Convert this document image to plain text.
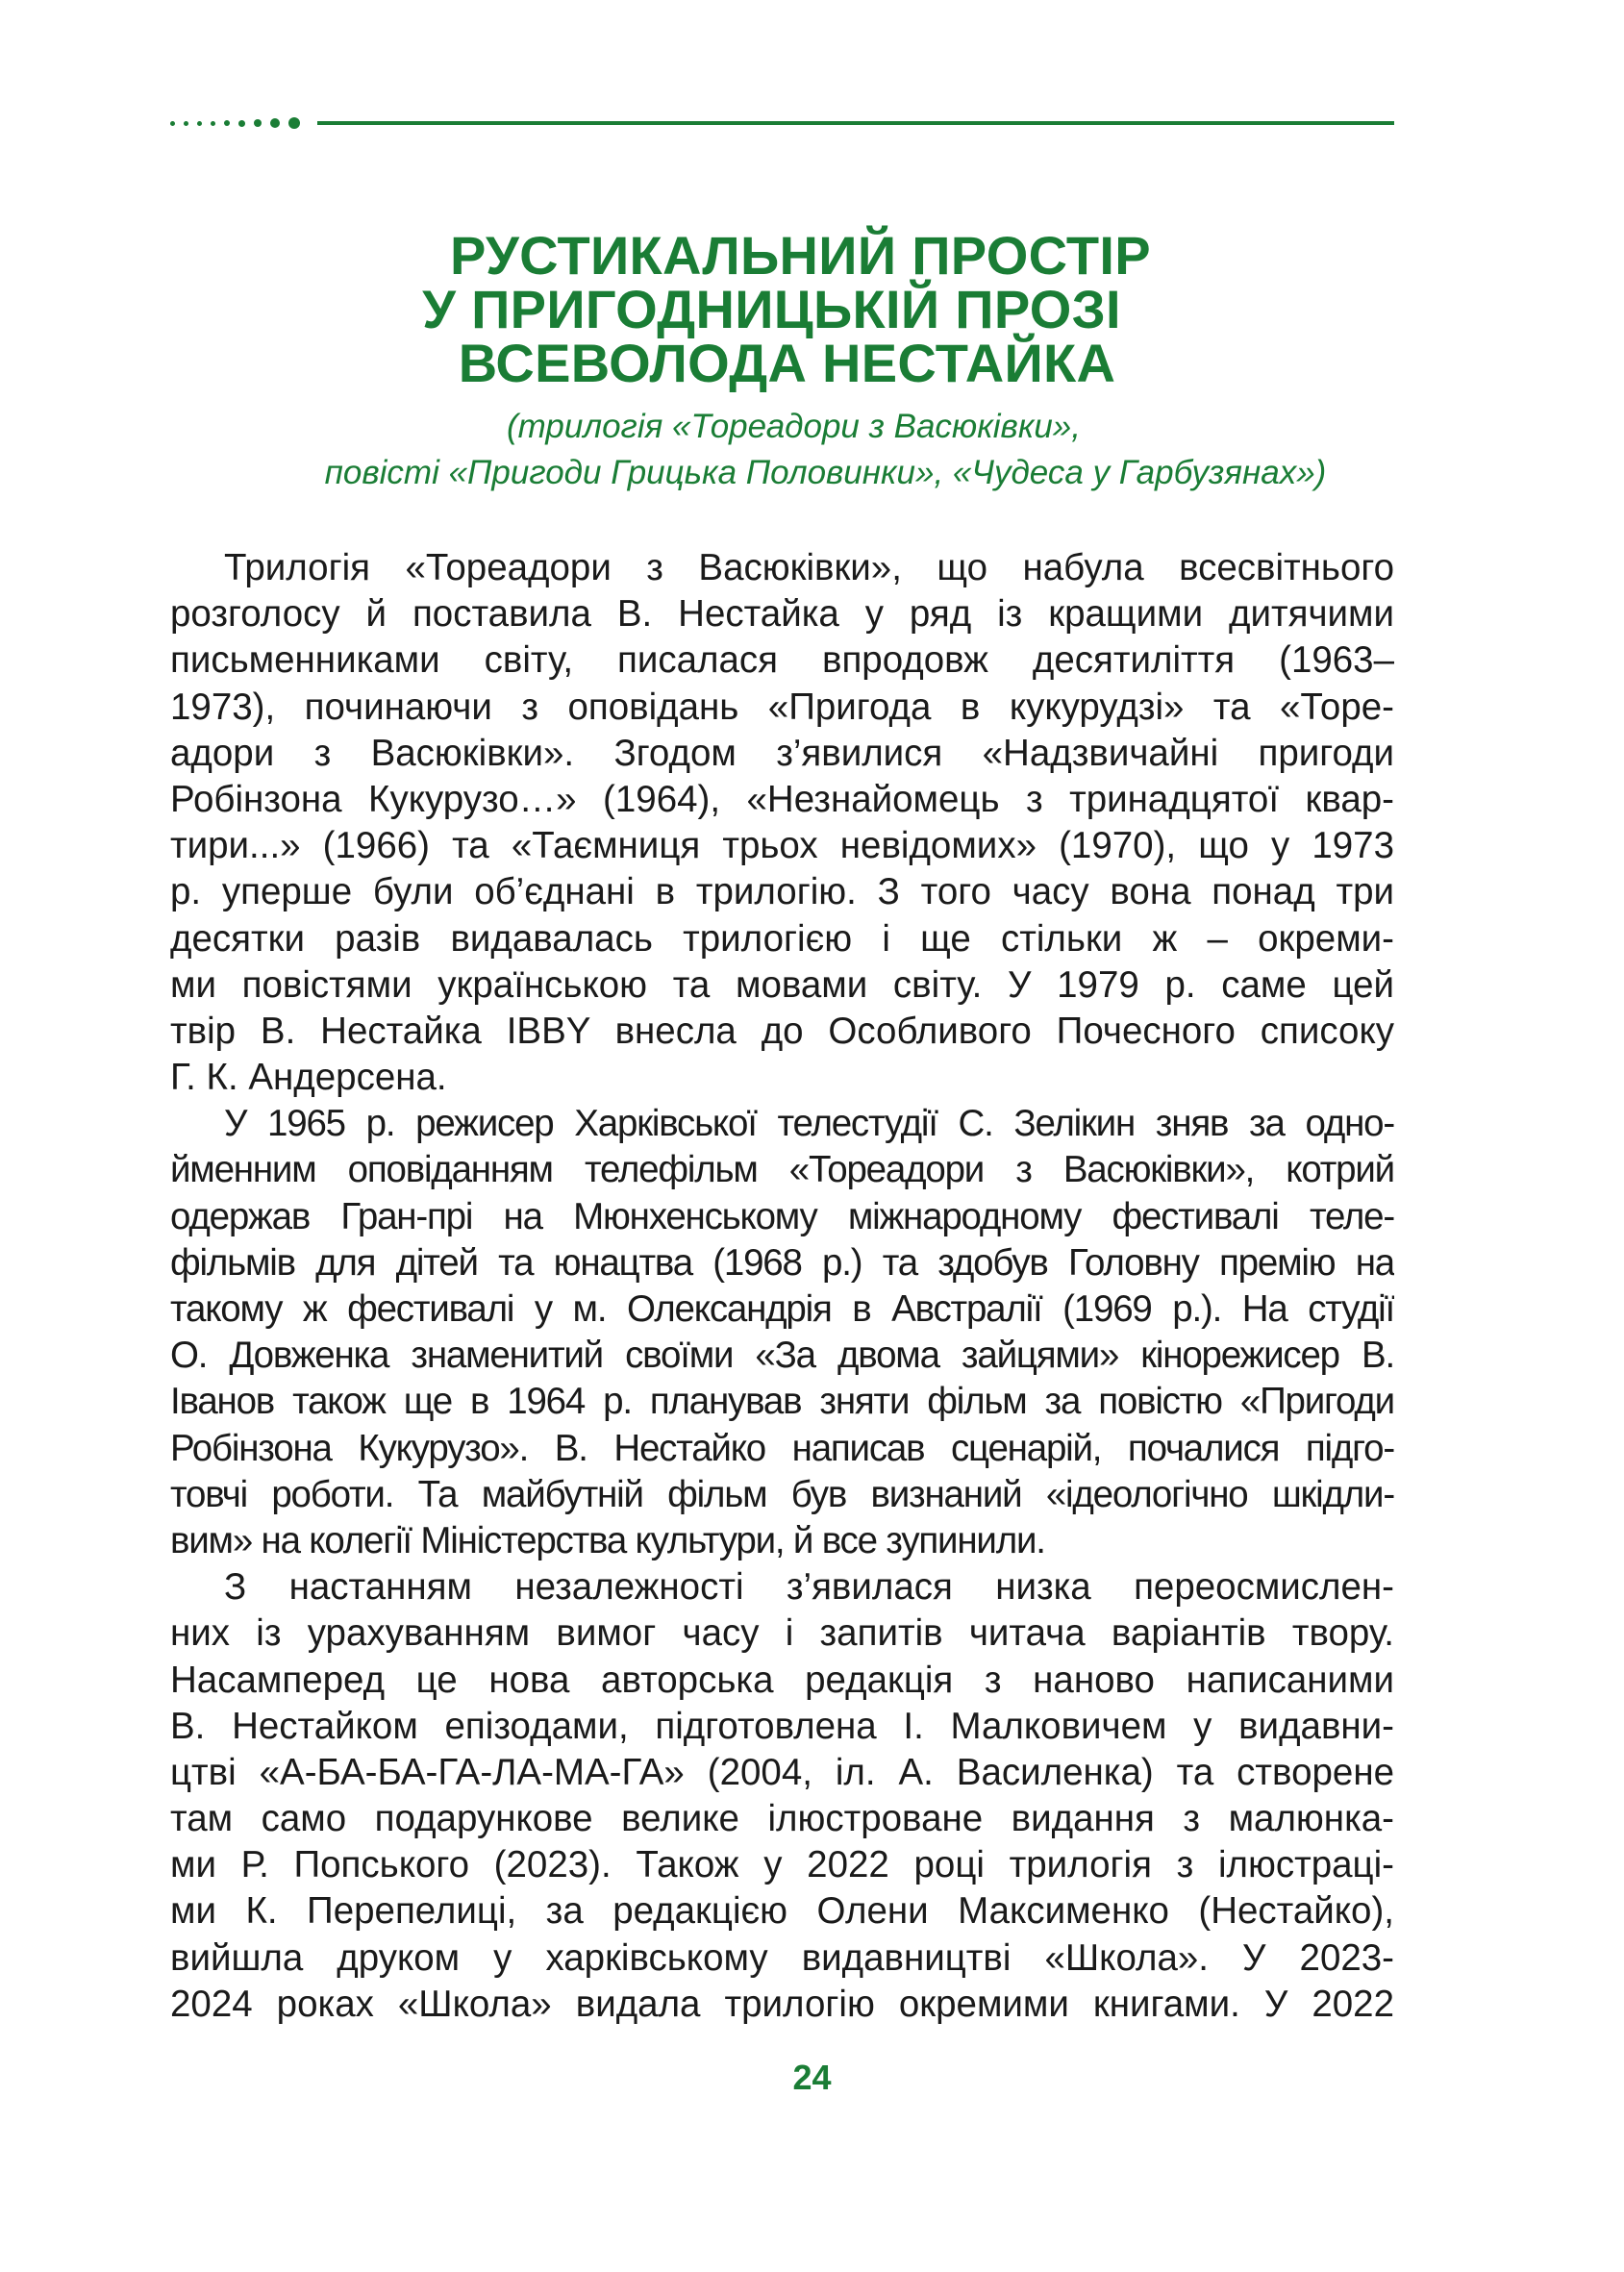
РУСТИКАЛЬНИЙ ПРОСТІР
У ПРИГОДНИЦЬКІЙ ПРОЗІ
ВСЕВОЛОДА НЕСТАЙКА
(трилогія «Тореадори з Васюківки»,
повісті «Пригоди Грицька Половинки», «Чудеса у Гарбузянах»)
Трилогія «Тореадори з Васюківки», що набула всесвітнього
розголосу й поставила В. Нестайка у ряд із кращими дитячими
письменниками світу, писалася впродовж десятиліття (1963–
1973), починаючи з оповідань «Пригода в кукурудзі» та «Торе-
адори з Васюківки». Згодом з’явилися «Надзвичайні пригоди
Робінзона Кукурузо…» (1964), «Незнайомець з тринадцятої квар-
тири...» (1966) та «Таємниця трьох невідомих» (1970), що у 1973
р. уперше були об’єднані в трилогію. З того часу вона понад три
десятки разів видавалась трилогією і ще стільки ж – окреми-
ми повістями українською та мовами світу. У 1979 р. саме цей
твір В. Нестайка IBBY внесла до Особливого Почесного списоку
Г. К. Андерсена.
У 1965 р. режисер Харківської телестудії С. Зелікин зняв за одно-
йменним оповіданням телефільм «Тореадори з Васюківки», котрий
одержав Гран-прі на Мюнхенському міжнародному фестивалі теле-
фільмів для дітей та юнацтва (1968 р.) та здобув Головну премію на
такому ж фестивалі у м. Олександрія в Австралії (1969 р.). На студії
О. Довженка знаменитий своїми «За двома зайцями» кінорежисер В.
Іванов також ще в 1964 р. планував зняти фільм за повістю «Пригоди
Робінзона Кукурузо». В. Нестайко написав сценарій, почалися підго-
товчі роботи. Та майбутній фільм був визнаний «ідеологічно шкідли-
вим» на колегії Міністерства культури, й все зупинили.
З настанням незалежності з’явилася низка переосмислен-
них із урахуванням вимог часу і запитів читача варіантів твору.
Насамперед це нова авторська редакція з наново написаними
В. Нестайком епізодами, підготовлена І. Малковичем у видавни-
цтві «А-БА-БА-ГА-ЛА-МА-ГА» (2004, іл. А. Василенка) та створене
там само подарункове велике ілюстроване видання з малюнка-
ми Р. Попського (2023). Також у 2022 році трилогія з ілюстраці-
ми К. Перепелиці, за редакцією Олени Максименко (Нестайко),
вийшла друком у харківському видавництві «Школа». У 2023-
2024 роках «Школа» видала трилогію окремими книгами. У 2022
24
